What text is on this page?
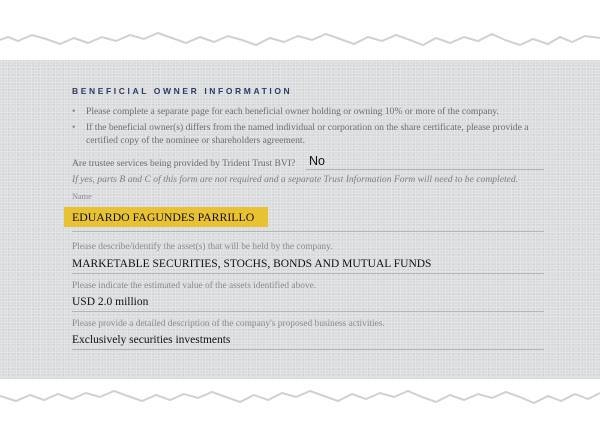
BENEFICIAL OWNER INFORMATION
• Please complete a separate page for each beneficial owner holding or owning 10% or more of the company.
• If the beneficial owner(s) differs from the named individual or corporation on the share certificate, please provide a certified copy of the nominee or shareholders agreement.
Are trustee services being provided by Trident Trust BVI? No
If yes, parts B and C of this form are not required and a separate Trust Information Form will need to be completed.
Name
EDUARDO FAGUNDES PARRILLO
Please describe/identify the asset(s) that will be held by the company.
MARKETABLE SECURITIES, STOCHS, BONDS AND MUTUAL FUNDS
Please indicate the estimated value of the assets identified above.
USD 2.0 million
Please provide a detailed description of the company's proposed business activities.
Exclusively securities investments
